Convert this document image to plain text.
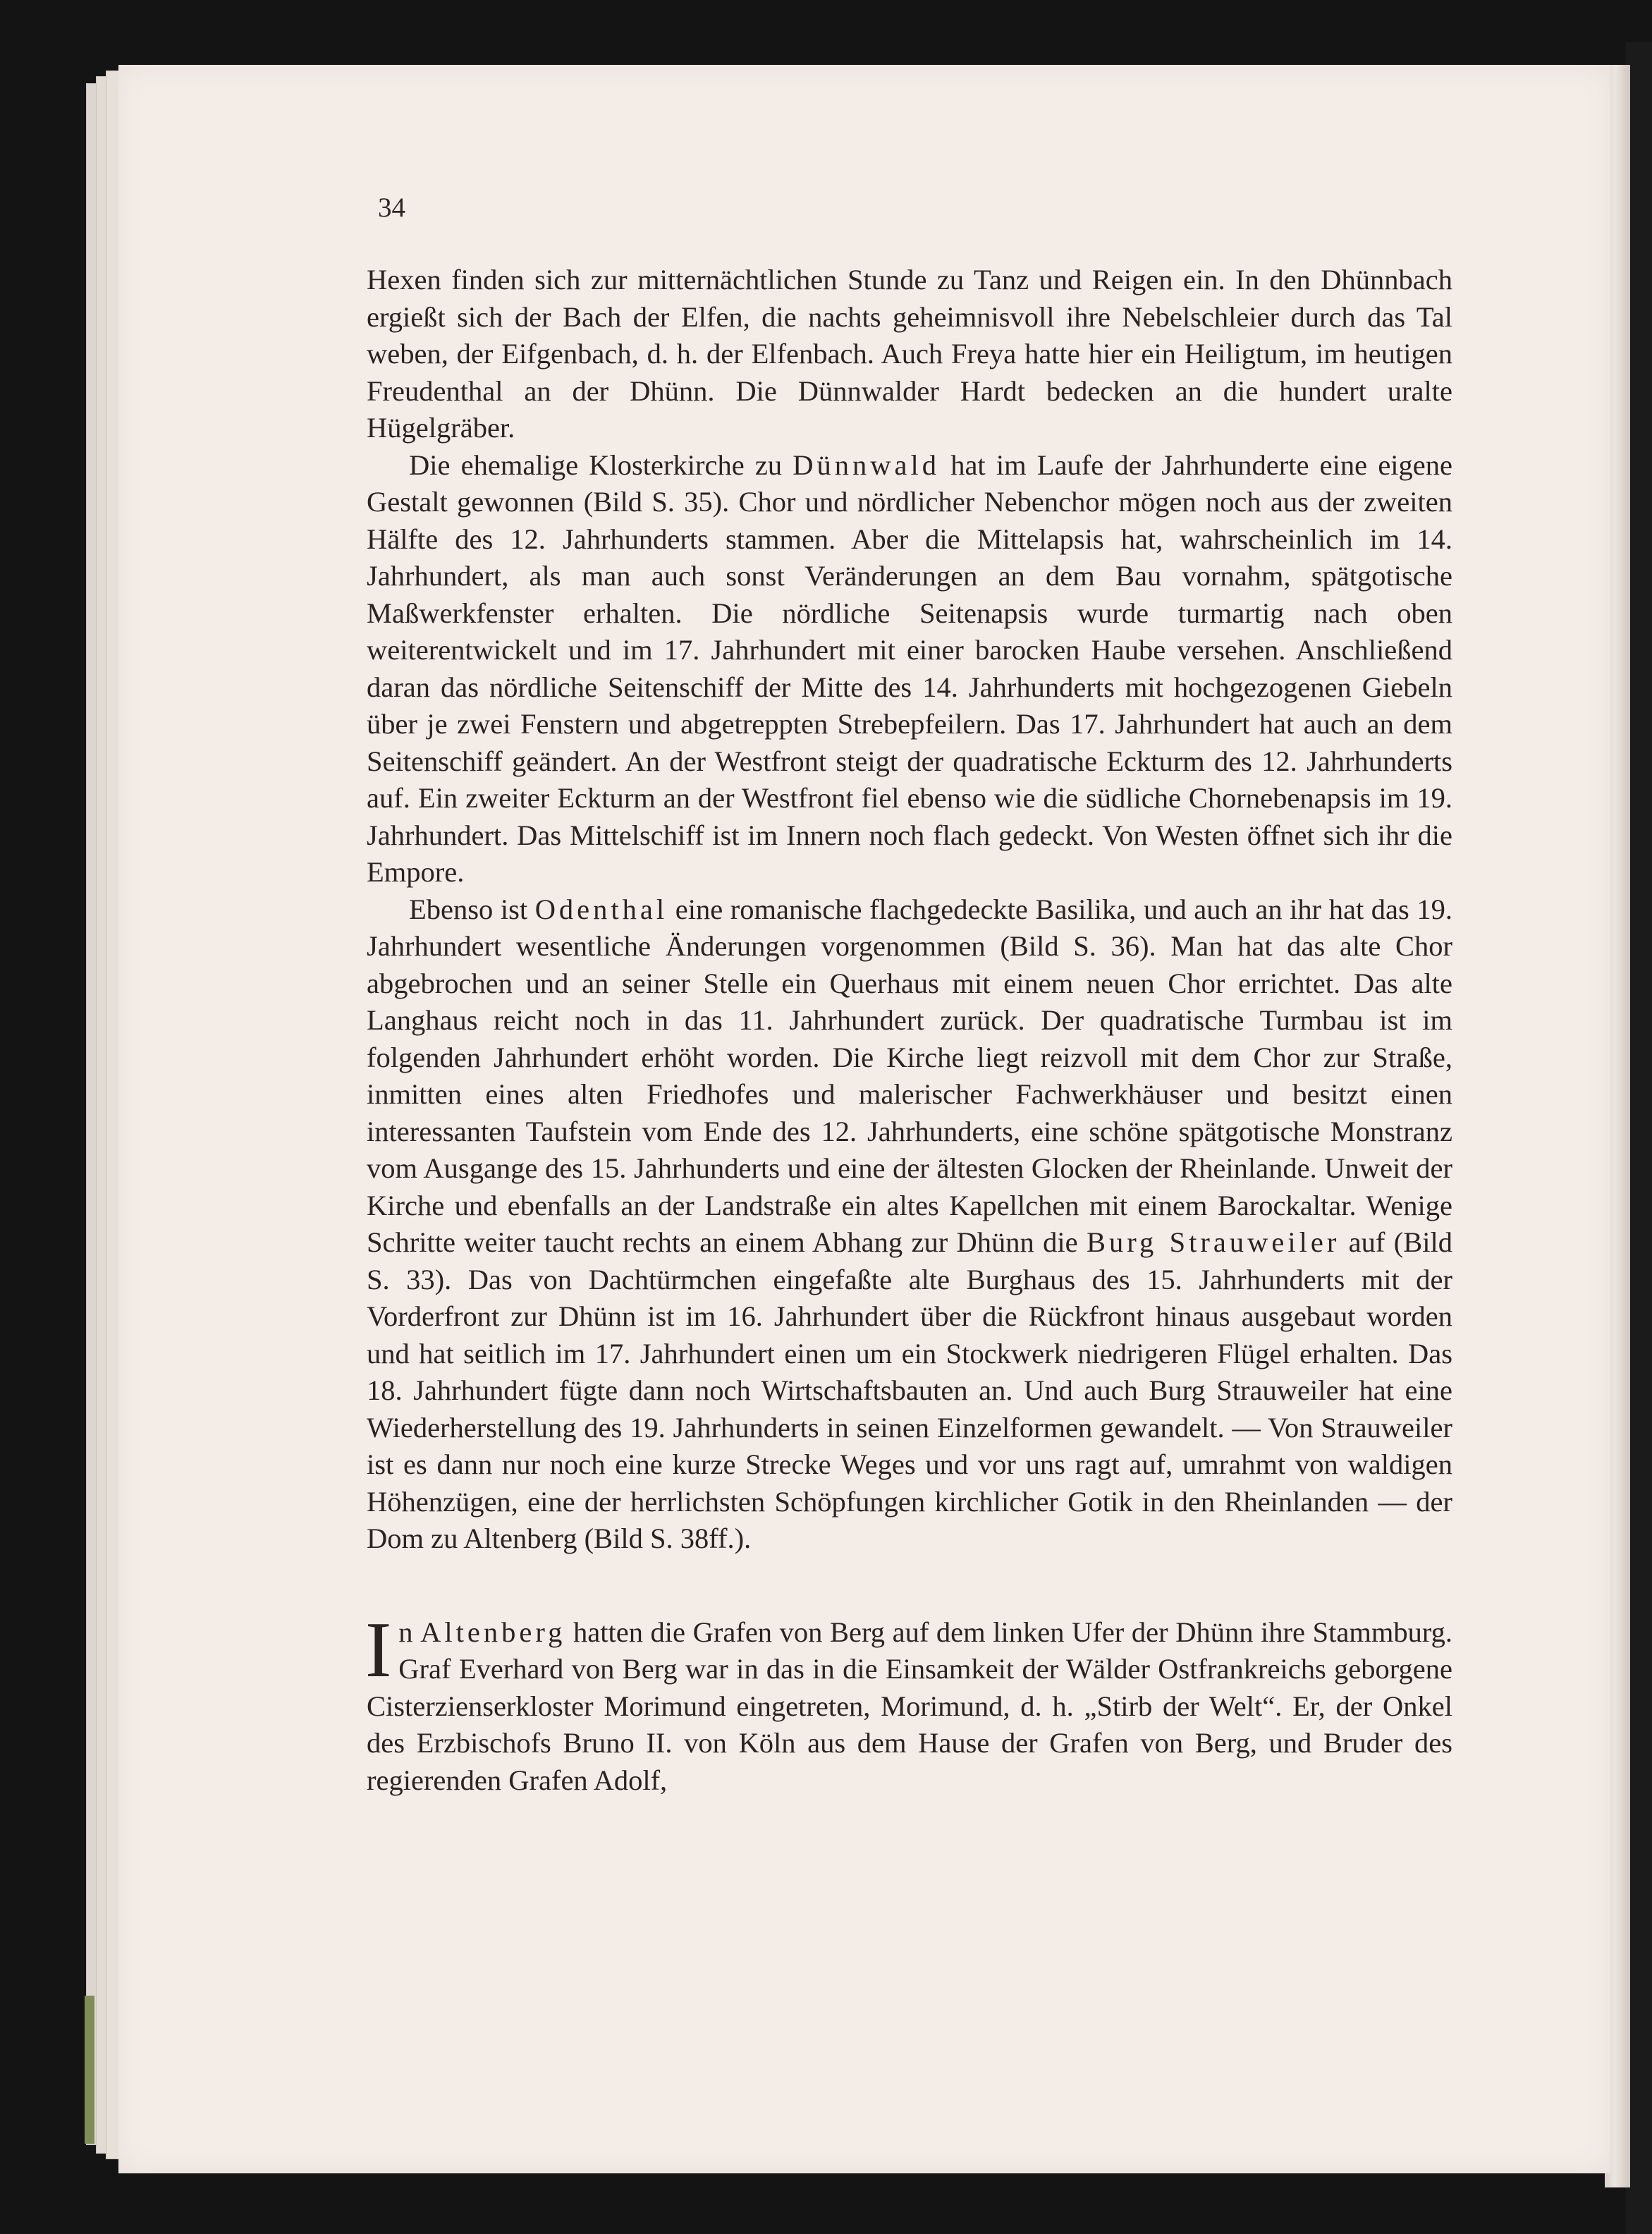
34

Hexen finden sich zur mitternächtlichen Stunde zu Tanz und Reigen ein. In den Dhünnbach ergießt sich der Bach der Elfen, die nachts geheimnisvoll ihre Nebelschleier durch das Tal weben, der Eifgenbach, d. h. der Elfenbach. Auch Freya hatte hier ein Heiligtum, im heutigen Freudenthal an der Dhünn. Die Dünnwalder Hardt bedecken an die hundert uralte Hügelgräber.

Die ehemalige Klosterkirche zu Dünnwald hat im Laufe der Jahrhunderte eine eigene Gestalt gewonnen (Bild S. 35). Chor und nördlicher Nebenchor mögen noch aus der zweiten Hälfte des 12. Jahrhunderts stammen. Aber die Mittelapsis hat, wahrscheinlich im 14. Jahrhundert, als man auch sonst Veränderungen an dem Bau vornahm, spätgotische Maßwerkfenster erhalten. Die nördliche Seitenapsis wurde turmartig nach oben weiterentwickelt und im 17. Jahrhundert mit einer barocken Haube versehen. Anschließend daran das nördliche Seitenschiff der Mitte des 14. Jahrhunderts mit hochgezogenen Giebeln über je zwei Fenstern und abgetreppten Strebepfeilern. Das 17. Jahrhundert hat auch an dem Seitenschiff geändert. An der Westfront steigt der quadratische Eckturm des 12. Jahrhunderts auf. Ein zweiter Eckturm an der Westfront fiel ebenso wie die südliche Chornebenapsis im 19. Jahrhundert. Das Mittelschiff ist im Innern noch flach gedeckt. Von Westen öffnet sich ihr die Empore.

Ebenso ist Odenthal eine romanische flachgedeckte Basilika, und auch an ihr hat das 19. Jahrhundert wesentliche Änderungen vorgenommen (Bild S. 36). Man hat das alte Chor abgebrochen und an seiner Stelle ein Querhaus mit einem neuen Chor errichtet. Das alte Langhaus reicht noch in das 11. Jahrhundert zurück. Der quadratische Turmbau ist im folgenden Jahrhundert erhöht worden. Die Kirche liegt reizvoll mit dem Chor zur Straße, inmitten eines alten Friedhofes und malerischer Fachwerkhäuser und besitzt einen interessanten Taufstein vom Ende des 12. Jahrhunderts, eine schöne spätgotische Monstranz vom Ausgange des 15. Jahrhunderts und eine der ältesten Glocken der Rheinlande. Unweit der Kirche und ebenfalls an der Landstraße ein altes Kapellchen mit einem Barockaltar. Wenige Schritte weiter taucht rechts an einem Abhang zur Dhünn die Burg Strauweiler auf (Bild S. 33). Das von Dachtürmchen eingefaßte alte Burghaus des 15. Jahrhunderts mit der Vorderfront zur Dhünn ist im 16. Jahrhundert über die Rückfront hinaus ausgebaut worden und hat seitlich im 17. Jahrhundert einen um ein Stockwerk niedrigeren Flügel erhalten. Das 18. Jahrhundert fügte dann noch Wirtschaftsbauten an. Und auch Burg Strauweiler hat eine Wiederherstellung des 19. Jahrhunderts in seinen Einzelformen gewandelt. — Von Strauweiler ist es dann nur noch eine kurze Strecke Weges und vor uns ragt auf, umrahmt von waldigen Höhenzügen, eine der herrlichsten Schöpfungen kirchlicher Gotik in den Rheinlanden — der Dom zu Altenberg (Bild S. 38ff.).

In Altenberg hatten die Grafen von Berg auf dem linken Ufer der Dhünn ihre Stammburg. Graf Everhard von Berg war in das in die Einsamkeit der Wälder Ostfrankreichs geborgene Cisterzienserkloster Morimund eingetreten, Morimund, d. h. „Stirb der Welt“. Er, der Onkel des Erzbischofs Bruno II. von Köln aus dem Hause der Grafen von Berg, und Bruder des regierenden Grafen Adolf,
